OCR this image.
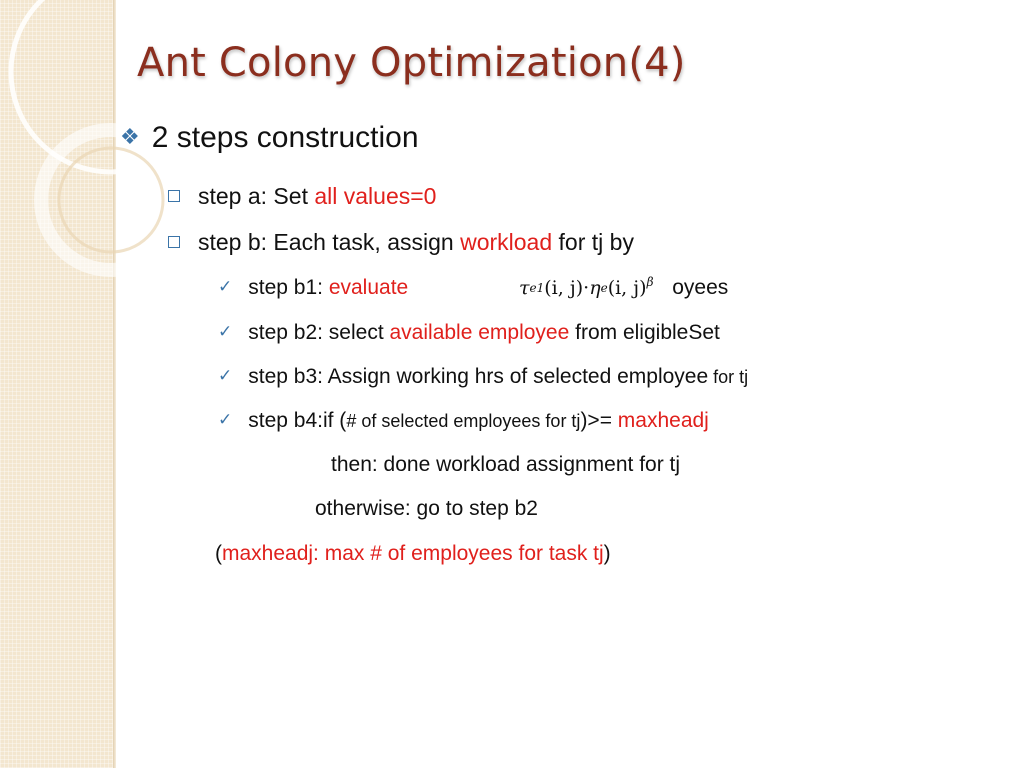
Ant Colony Optimization(4)
❖ 2 steps construction
step a: Set all values=0
step b: Each task, assign workload for tj by
✓ step b1: evaluate	oyees
τ e1 (i, j) · η e (i, j)$^\beta$
✓ step b2: select available employee from eligibleSet
✓ step b3: Assign working hrs of selected employee for tj
✓ step b4:if (# of selected employees for tj)>= maxheadj
then: done workload assignment for tj
otherwise: go to step b2
(maxheadj: max # of employees for task tj)
